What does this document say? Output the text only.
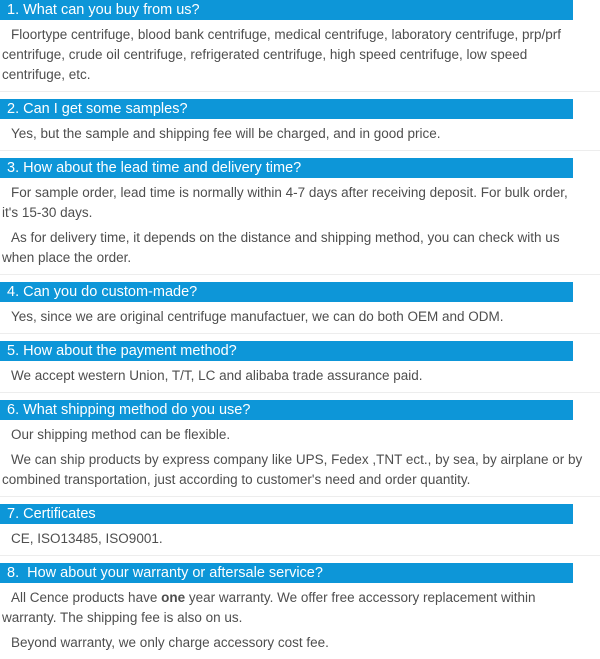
1. What can you buy from us?

Floortype centrifuge, blood bank centrifuge, medical centrifuge, laboratory centrifuge, prp/prf centrifuge, crude oil centrifuge, refrigerated centrifuge, high speed centrifuge, low speed centrifuge, etc.

2. Can I get some samples?

Yes, but the sample and shipping fee will be charged, and in good price.

3. How about the lead time and delivery time?

For sample order, lead time is normally within 4-7 days after receiving deposit. For bulk order, it's 15-30 days.

As for delivery time, it depends on the distance and shipping method, you can check with us when place the order.

4. Can you do custom-made?

Yes, since we are original centrifuge manufactuer, we can do both OEM and ODM.

5. How about the payment method?

We accept western Union, T/T, LC and alibaba trade assurance paid.

6. What shipping method do you use?

Our shipping method can be flexible.

We can ship products by express company like UPS, Fedex ,TNT ect., by sea, by airplane or by combined transportation, just according to customer's need and order quantity.

7. Certificates

CE, ISO13485, ISO9001.

8.  How about your warranty or aftersale service?

All Cence products have one year warranty. We offer free accessory replacement within warranty. The shipping fee is also on us.

Beyond warranty, we only charge accessory cost fee.
